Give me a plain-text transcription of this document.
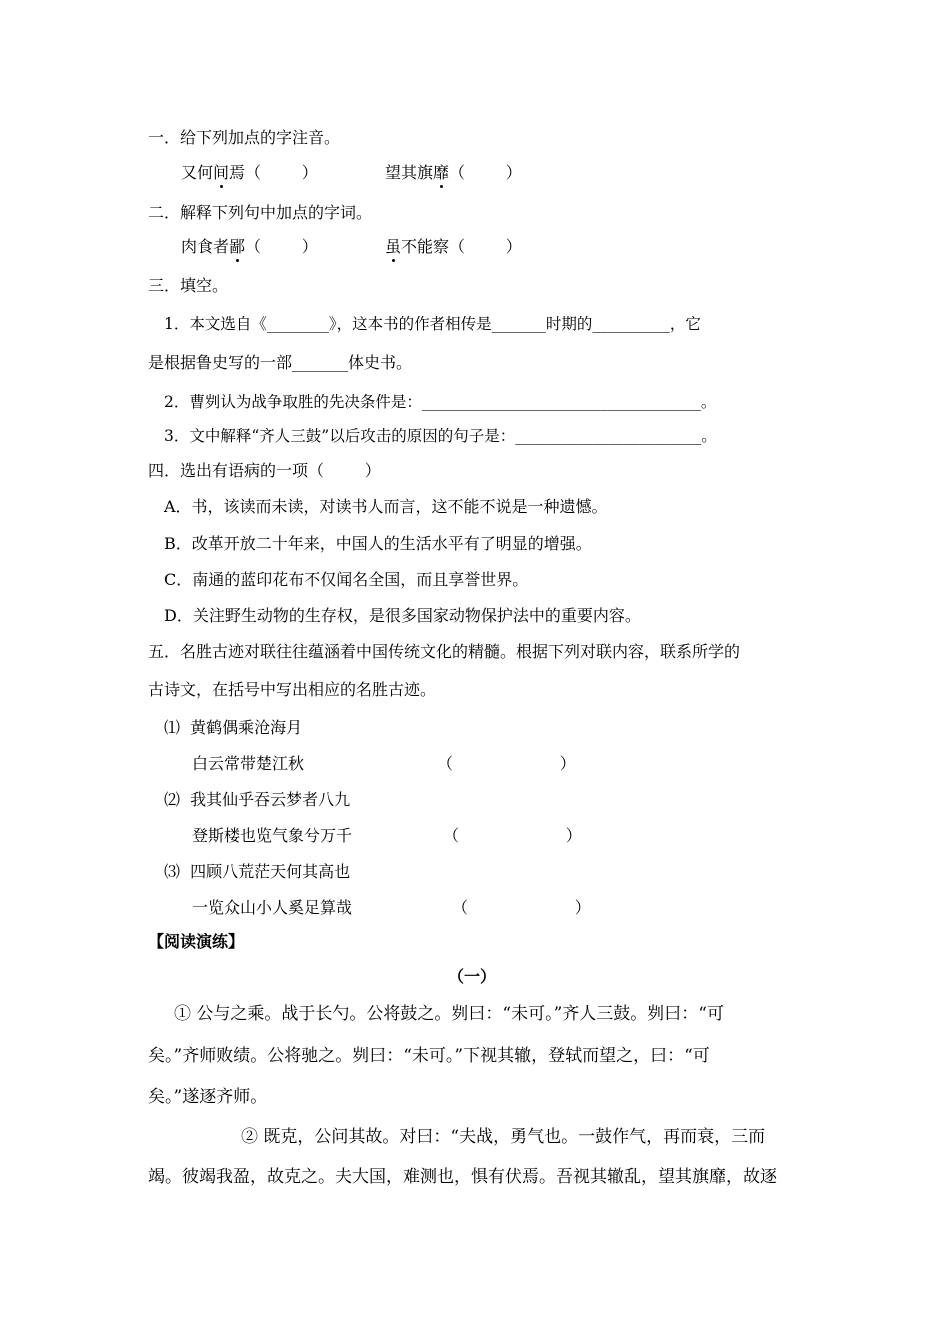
一．给下列加点的字注音。
又何间焉（        ）	望其旗靡（        ）
二．解释下列句中加点的字词。
肉食者鄙（        ）	虽不能察（        ）
三．填空。
1．本文选自《________》，这本书的作者相传是_______时期的__________，它
是根据鲁史写的一部_______体史书。
2．曹刿认为战争取胜的先决条件是：____________________________________。
3．文中解释“齐人三鼓”以后攻击的原因的句子是：________________________。
四．选出有语病的一项（        ）
A．书，该读而未读，对读书人而言，这不能不说是一种遗憾。
B．改革开放二十年来，中国人的生活水平有了明显的增强。
C．南通的蓝印花布不仅闻名全国，而且享誉世界。
D．关注野生动物的生存权，是很多国家动物保护法中的重要内容。
五．名胜古迹对联往往蕴涵着中国传统文化的精髓。根据下列对联内容，联系所学的
古诗文，在括号中写出相应的名胜古迹。
⑴  黄鹤偶乘沧海月
白云常带楚江秋	（                     ）
⑵  我其仙乎吞云梦者八九
登斯楼也览气象兮万千	（                     ）
⑶  四顾八荒茫天何其高也
一览众山小人奚足算哉	（                     ）
【阅读演练】
（一）
① 公与之乘。战于长勺。公将鼓之。刿曰：“未可。”齐人三鼓。刿曰：“可
矣。”齐师败绩。公将驰之。刿曰：“未可。”下视其辙，登轼而望之，曰：“可
矣。”遂逐齐师。
② 既克，公问其故。对曰：“夫战，勇气也。一鼓作气，再而衰，三而
竭。彼竭我盈，故克之。夫大国，难测也，惧有伏焉。吾视其辙乱，望其旗靡，故逐
